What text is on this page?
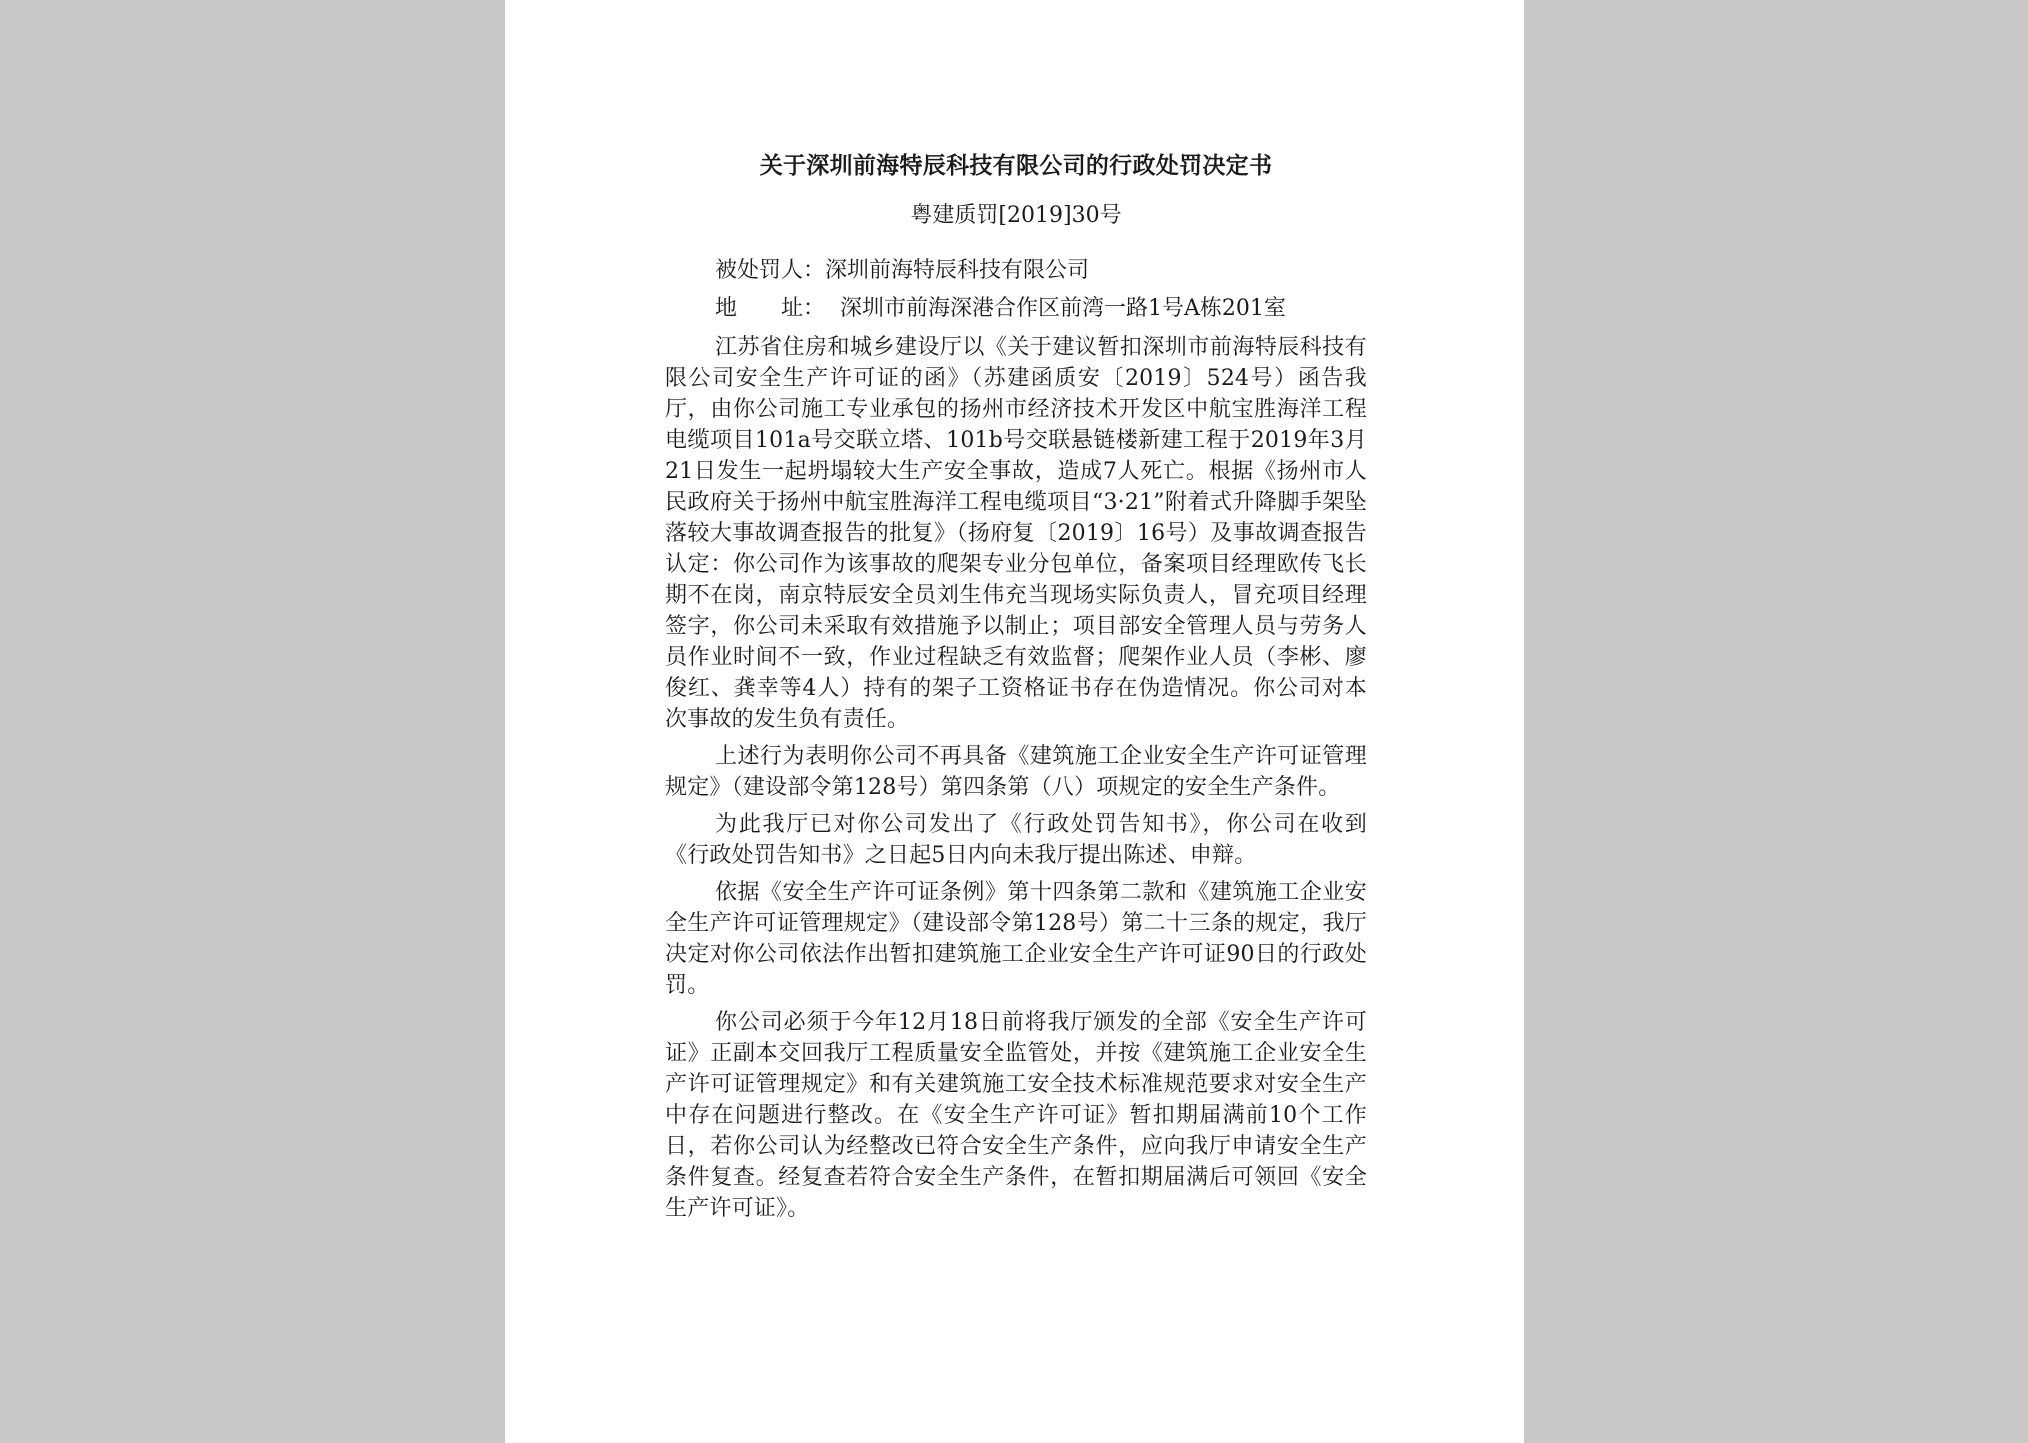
关于深圳前海特辰科技有限公司的行政处罚决定书

粤建质罚[2019]30号

被处罚人：深圳前海特辰科技有限公司

地　　址： 深圳市前海深港合作区前湾一路1号A栋201室

江苏省住房和城乡建设厅以《关于建议暂扣深圳市前海特辰科技有限公司安全生产许可证的函》（苏建函质安〔2019〕524号）函告我厅，由你公司施工专业承包的扬州市经济技术开发区中航宝胜海洋工程电缆项目101a号交联立塔、101b号交联悬链楼新建工程于2019年3月21日发生一起坍塌较大生产安全事故，造成7人死亡。根据《扬州市人民政府关于扬州中航宝胜海洋工程电缆项目“3·21”附着式升降脚手架坠落较大事故调查报告的批复》（扬府复〔2019〕16号）及事故调查报告认定：你公司作为该事故的爬架专业分包单位，备案项目经理欧传飞长期不在岗，南京特辰安全员刘生伟充当现场实际负责人，冒充项目经理签字，你公司未采取有效措施予以制止；项目部安全管理人员与劳务人员作业时间不一致，作业过程缺乏有效监督；爬架作业人员（李彬、廖俊红、龚幸等4人）持有的架子工资格证书存在伪造情况。你公司对本次事故的发生负有责任。

上述行为表明你公司不再具备《建筑施工企业安全生产许可证管理规定》（建设部令第128号）第四条第（八）项规定的安全生产条件。

为此我厅已对你公司发出了《行政处罚告知书》，你公司在收到《行政处罚告知书》之日起5日内向未我厅提出陈述、申辩。

依据《安全生产许可证条例》第十四条第二款和《建筑施工企业安全生产许可证管理规定》（建设部令第128号）第二十三条的规定，我厅决定对你公司依法作出暂扣建筑施工企业安全生产许可证90日的行政处罚。

你公司必须于今年12月18日前将我厅颁发的全部《安全生产许可证》正副本交回我厅工程质量安全监管处，并按《建筑施工企业安全生产许可证管理规定》和有关建筑施工安全技术标准规范要求对安全生产中存在问题进行整改。在《安全生产许可证》暂扣期届满前10个工作日，若你公司认为经整改已符合安全生产条件，应向我厅申请安全生产条件复查。经复查若符合安全生产条件，在暂扣期届满后可领回《安全生产许可证》。
